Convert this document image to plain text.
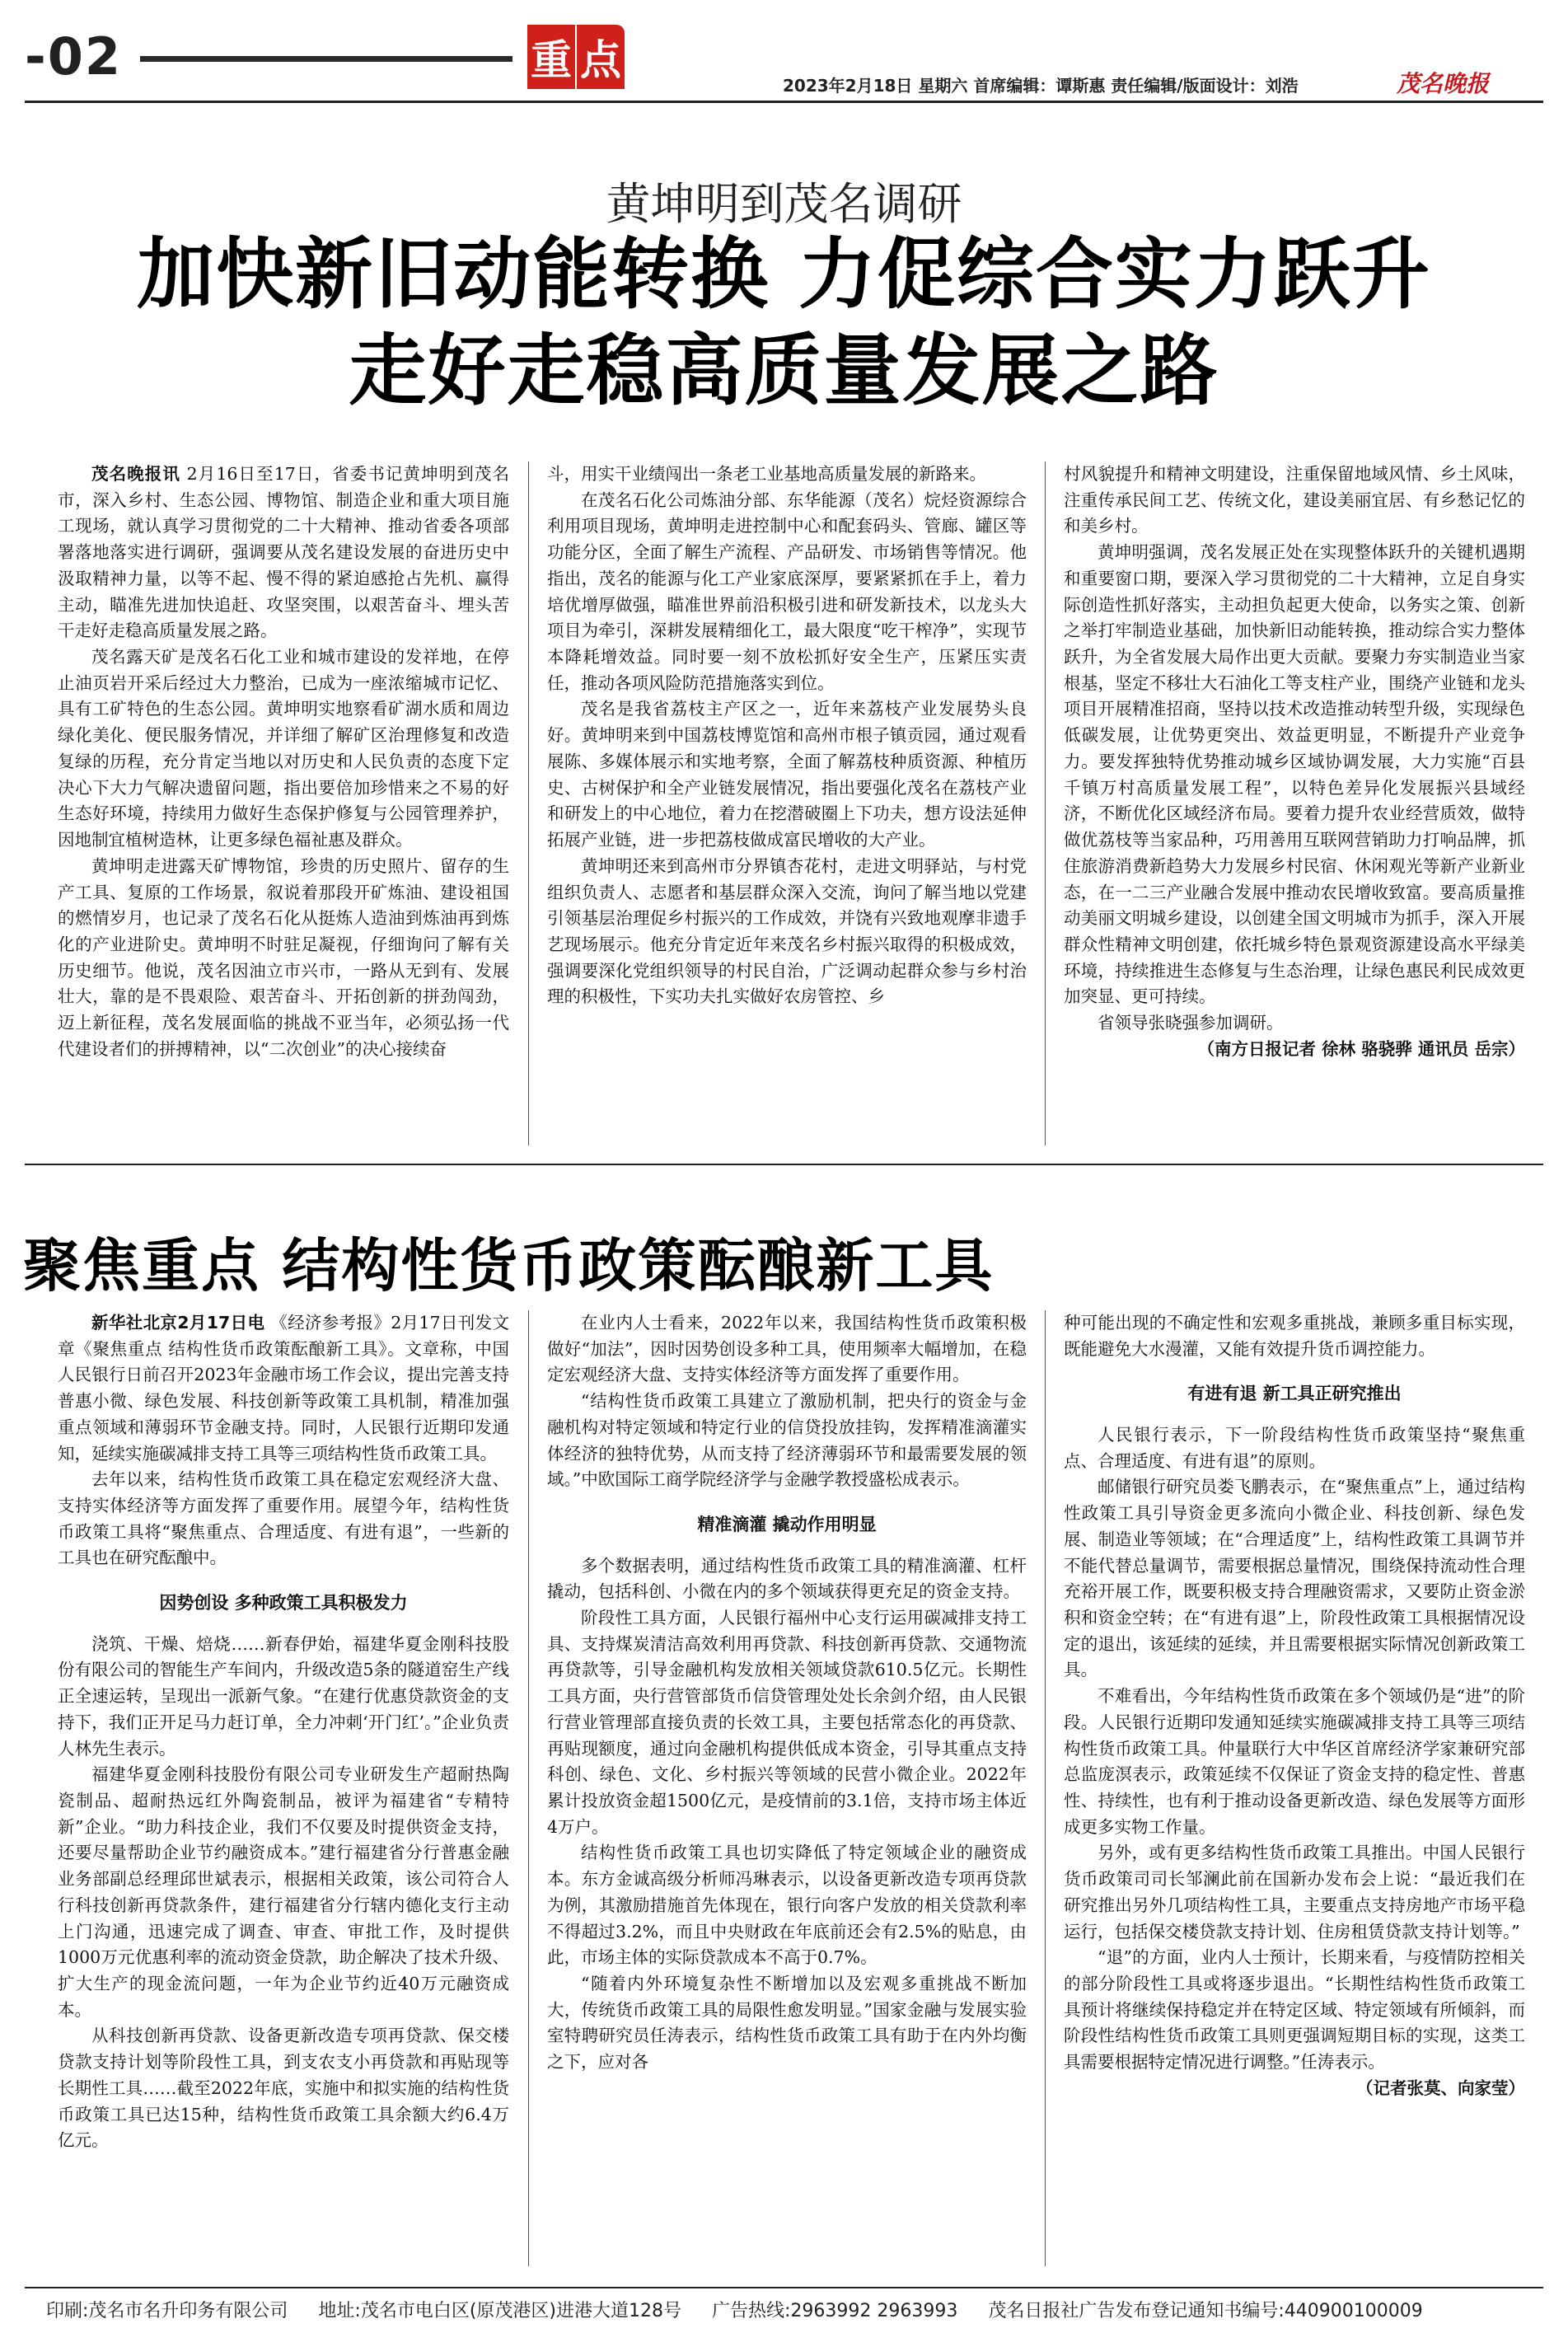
-02	重 点
2023年2月18日 星期六 首席编辑：谭斯惠 责任编辑/版面设计：刘浩	茂名晚报
黄坤明到茂名调研
加快新旧动能转换 力促综合实力跃升
走好走稳高质量发展之路

茂名晚报讯 2月16日至17日，省委书记黄坤明到茂名市，深入乡村、生态公园、博物馆、制造企业和重大项目施工现场，就认真学习贯彻党的二十大精神、推动省委各项部署落地落实进行调研，强调要从茂名建设发展的奋进历史中汲取精神力量，以等不起、慢不得的紧迫感抢占先机、赢得主动，瞄准先进加快追赶、攻坚突围，以艰苦奋斗、埋头苦干走好走稳高质量发展之路。

茂名露天矿是茂名石化工业和城市建设的发祥地，在停止油页岩开采后经过大力整治，已成为一座浓缩城市记忆、具有工矿特色的生态公园。黄坤明实地察看矿湖水质和周边绿化美化、便民服务情况，并详细了解矿区治理修复和改造复绿的历程，充分肯定当地以对历史和人民负责的态度下定决心下大力气解决遗留问题，指出要倍加珍惜来之不易的好生态好环境，持续用力做好生态保护修复与公园管理养护，因地制宜植树造林，让更多绿色福祉惠及群众。

黄坤明走进露天矿博物馆，珍贵的历史照片、留存的生产工具、复原的工作场景，叙说着那段开矿炼油、建设祖国的燃情岁月，也记录了茂名石化从挺炼人造油到炼油再到炼化的产业进阶史。黄坤明不时驻足凝视，仔细询问了解有关历史细节。他说，茂名因油立市兴市，一路从无到有、发展壮大，靠的是不畏艰险、艰苦奋斗、开拓创新的拼劲闯劲，迈上新征程，茂名发展面临的挑战不亚当年，必须弘扬一代代建设者们的拼搏精神，以“二次创业”的决心接续奋

斗，用实干业绩闯出一条老工业基地高质量发展的新路来。

在茂名石化公司炼油分部、东华能源（茂名）烷烃资源综合利用项目现场，黄坤明走进控制中心和配套码头、管廊、罐区等功能分区，全面了解生产流程、产品研发、市场销售等情况。他指出，茂名的能源与化工产业家底深厚，要紧紧抓在手上，着力培优增厚做强，瞄准世界前沿积极引进和研发新技术，以龙头大项目为牵引，深耕发展精细化工，最大限度“吃干榨净”，实现节本降耗增效益。同时要一刻不放松抓好安全生产，压紧压实责任，推动各项风险防范措施落实到位。

茂名是我省荔枝主产区之一，近年来荔枝产业发展势头良好。黄坤明来到中国荔枝博览馆和高州市根子镇贡园，通过观看展陈、多媒体展示和实地考察，全面了解荔枝种质资源、种植历史、古树保护和全产业链发展情况，指出要强化茂名在荔枝产业和研发上的中心地位，着力在挖潜破圈上下功夫，想方设法延伸拓展产业链，进一步把荔枝做成富民增收的大产业。

黄坤明还来到高州市分界镇杏花村，走进文明驿站，与村党组织负责人、志愿者和基层群众深入交流，询问了解当地以党建引领基层治理促乡村振兴的工作成效，并饶有兴致地观摩非遗手艺现场展示。他充分肯定近年来茂名乡村振兴取得的积极成效，强调要深化党组织领导的村民自治，广泛调动起群众参与乡村治理的积极性，下实功夫扎实做好农房管控、乡

村风貌提升和精神文明建设，注重保留地域风情、乡土风味，注重传承民间工艺、传统文化，建设美丽宜居、有乡愁记忆的和美乡村。

黄坤明强调，茂名发展正处在实现整体跃升的关键机遇期和重要窗口期，要深入学习贯彻党的二十大精神，立足自身实际创造性抓好落实，主动担负起更大使命，以务实之策、创新之举打牢制造业基础，加快新旧动能转换，推动综合实力整体跃升，为全省发展大局作出更大贡献。要聚力夯实制造业当家根基，坚定不移壮大石油化工等支柱产业，围绕产业链和龙头项目开展精准招商，坚持以技术改造推动转型升级，实现绿色低碳发展，让优势更突出、效益更明显，不断提升产业竞争力。要发挥独特优势推动城乡区域协调发展，大力实施“百县千镇万村高质量发展工程”，以特色差异化发展振兴县域经济，不断优化区域经济布局。要着力提升农业经营质效，做特做优荔枝等当家品种，巧用善用互联网营销助力打响品牌，抓住旅游消费新趋势大力发展乡村民宿、休闲观光等新产业新业态，在一二三产业融合发展中推动农民增收致富。要高质量推动美丽文明城乡建设，以创建全国文明城市为抓手，深入开展群众性精神文明创建，依托城乡特色景观资源建设高水平绿美环境，持续推进生态修复与生态治理，让绿色惠民利民成效更加突显、更可持续。

省领导张晓强参加调研。

（南方日报记者 徐林 骆骁骅 通讯员 岳宗）

聚焦重点 结构性货币政策酝酿新工具

新华社北京2月17日电 《经济参考报》2月17日刊发文章《聚焦重点 结构性货币政策酝酿新工具》。文章称，中国人民银行日前召开2023年金融市场工作会议，提出完善支持普惠小微、绿色发展、科技创新等政策工具机制，精准加强重点领域和薄弱环节金融支持。同时，人民银行近期印发通知，延续实施碳减排支持工具等三项结构性货币政策工具。

去年以来，结构性货币政策工具在稳定宏观经济大盘、支持实体经济等方面发挥了重要作用。展望今年，结构性货币政策工具将“聚焦重点、合理适度、有进有退”，一些新的工具也在研究酝酿中。

因势创设 多种政策工具积极发力

浇筑、干燥、焙烧……新春伊始，福建华夏金刚科技股份有限公司的智能生产车间内，升级改造5条的隧道窑生产线正全速运转，呈现出一派新气象。“在建行优惠贷款资金的支持下，我们正开足马力赶订单，全力冲刺‘开门红’。”企业负责人林先生表示。

福建华夏金刚科技股份有限公司专业研发生产超耐热陶瓷制品、超耐热远红外陶瓷制品，被评为福建省“专精特新”企业。“助力科技企业，我们不仅要及时提供资金支持，还要尽量帮助企业节约融资成本。”建行福建省分行普惠金融业务部副总经理邱世斌表示，根据相关政策，该公司符合人行科技创新再贷款条件，建行福建省分行辖内德化支行主动上门沟通，迅速完成了调查、审查、审批工作，及时提供1000万元优惠利率的流动资金贷款，助企解决了技术升级、扩大生产的现金流问题，一年为企业节约近40万元融资成本。

从科技创新再贷款、设备更新改造专项再贷款、保交楼贷款支持计划等阶段性工具，到支农支小再贷款和再贴现等长期性工具……截至2022年底，实施中和拟实施的结构性货币政策工具已达15种，结构性货币政策工具余额大约6.4万亿元。

在业内人士看来，2022年以来，我国结构性货币政策积极做好“加法”，因时因势创设多种工具，使用频率大幅增加，在稳定宏观经济大盘、支持实体经济等方面发挥了重要作用。

“结构性货币政策工具建立了激励机制，把央行的资金与金融机构对特定领域和特定行业的信贷投放挂钩，发挥精准滴灌实体经济的独特优势，从而支持了经济薄弱环节和最需要发展的领域。”中欧国际工商学院经济学与金融学教授盛松成表示。

精准滴灌 撬动作用明显

多个数据表明，通过结构性货币政策工具的精准滴灌、杠杆撬动，包括科创、小微在内的多个领域获得更充足的资金支持。

阶段性工具方面，人民银行福州中心支行运用碳减排支持工具、支持煤炭清洁高效利用再贷款、科技创新再贷款、交通物流再贷款等，引导金融机构发放相关领域贷款610.5亿元。长期性工具方面，央行营管部货币信贷管理处处长余剑介绍，由人民银行营业管理部直接负责的长效工具，主要包括常态化的再贷款、再贴现额度，通过向金融机构提供低成本资金，引导其重点支持科创、绿色、文化、乡村振兴等领域的民营小微企业。2022年累计投放资金超1500亿元，是疫情前的3.1倍，支持市场主体近4万户。

结构性货币政策工具也切实降低了特定领域企业的融资成本。东方金诚高级分析师冯琳表示，以设备更新改造专项再贷款为例，其激励措施首先体现在，银行向客户发放的相关贷款利率不得超过3.2%，而且中央财政在年底前还会有2.5%的贴息，由此，市场主体的实际贷款成本不高于0.7%。

“随着内外环境复杂性不断增加以及宏观多重挑战不断加大，传统货币政策工具的局限性愈发明显。”国家金融与发展实验室特聘研究员任涛表示，结构性货币政策工具有助于在内外均衡之下，应对各

种可能出现的不确定性和宏观多重挑战，兼顾多重目标实现，既能避免大水漫灌，又能有效提升货币调控能力。

有进有退 新工具正研究推出

人民银行表示，下一阶段结构性货币政策坚持“聚焦重点、合理适度、有进有退”的原则。

邮储银行研究员娄飞鹏表示，在“聚焦重点”上，通过结构性政策工具引导资金更多流向小微企业、科技创新、绿色发展、制造业等领域；在“合理适度”上，结构性政策工具调节并不能代替总量调节，需要根据总量情况，围绕保持流动性合理充裕开展工作，既要积极支持合理融资需求，又要防止资金淤积和资金空转；在“有进有退”上，阶段性政策工具根据情况设定的退出，该延续的延续，并且需要根据实际情况创新政策工具。

不难看出，今年结构性货币政策在多个领域仍是“进”的阶段。人民银行近期印发通知延续实施碳减排支持工具等三项结构性货币政策工具。仲量联行大中华区首席经济学家兼研究部总监庞溟表示，政策延续不仅保证了资金支持的稳定性、普惠性、持续性，也有利于推动设备更新改造、绿色发展等方面形成更多实物工作量。

另外，或有更多结构性货币政策工具推出。中国人民银行货币政策司司长邹澜此前在国新办发布会上说：“最近我们在研究推出另外几项结构性工具，主要重点支持房地产市场平稳运行，包括保交楼贷款支持计划、住房租赁贷款支持计划等。”

“退”的方面，业内人士预计，长期来看，与疫情防控相关的部分阶段性工具或将逐步退出。“长期性结构性货币政策工具预计将继续保持稳定并在特定区域、特定领域有所倾斜，而阶段性结构性货币政策工具则更强调短期目标的实现，这类工具需要根据特定情况进行调整。”任涛表示。

（记者张莫、向家莹）

印刷:茂名市名升印务有限公司 地址:茂名市电白区(原茂港区)进港大道128号 广告热线:2963992 2963993 茂名日报社广告发布登记通知书编号:440900100009
